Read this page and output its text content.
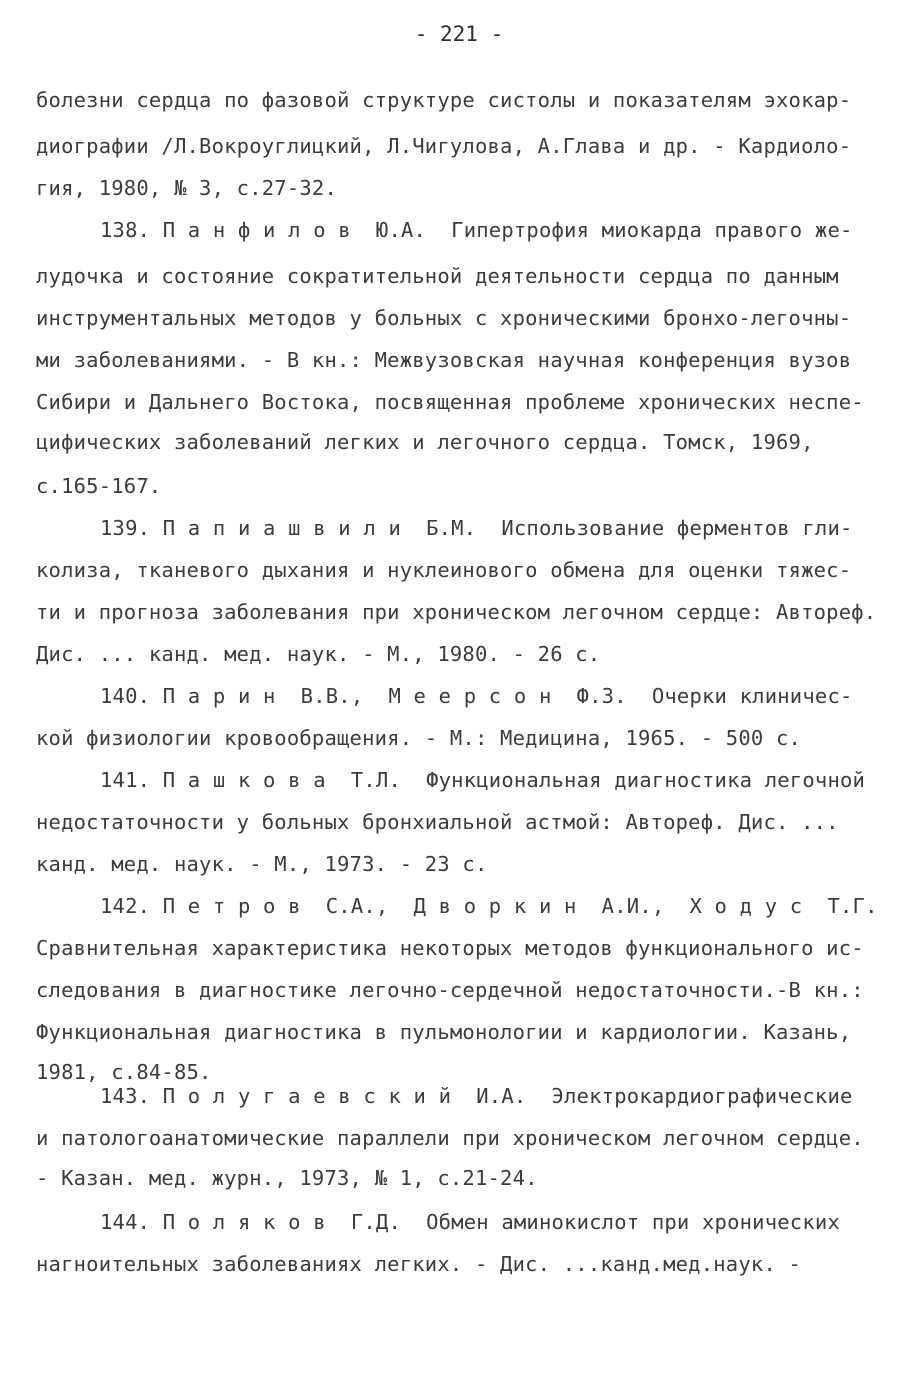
- 221 -
болезни сердца по фазовой структуре систолы и показателям эхокар-
диографии /Л.Вокроуглицкий, Л.Чигулова, А.Глава и др. - Кардиоло-
гия, 1980, № 3, с.27-32.
138. П а н ф и л о в  Ю.А.  Гипертрофия миокарда правого же-
лудочка и состояние сократительной деятельности сердца по данным
инструментальных методов у больных с хроническими бронхо-легочны-
ми заболеваниями. - В кн.: Межвузовская научная конференция вузов
Сибири и Дальнего Востока, посвященная проблеме хронических неспе-
цифических заболеваний легких и легочного сердца. Томск, 1969,
с.165-167.
139. П а п и а ш в и л и  Б.М.  Использование ферментов гли-
колиза, тканевого дыхания и нуклеинового обмена для оценки тяжес-
ти и прогноза заболевания при хроническом легочном сердце: Автореф.
Дис. ... канд. мед. наук. - М., 1980. - 26 с.
140. П а р и н  В.В.,  М е е р с о н  Ф.З.  Очерки клиничес-
кой физиологии кровообращения. - М.: Медицина, 1965. - 500 с.
141. П а ш к о в а  Т.Л.  Функциональная диагностика легочной
недостаточности у больных бронхиальной астмой: Автореф. Дис. ...
канд. мед. наук. - М., 1973. - 23 с.
142. П е т р о в  С.А.,  Д в о р к и н  А.И.,  Х о д у с  Т.Г.
Сравнительная характеристика некоторых методов функционального ис-
следования в диагностике легочно-сердечной недостаточности.-В кн.:
Функциональная диагностика в пульмонологии и кардиологии. Казань,
1981, с.84-85.
143. П о л у г а е в с к и й  И.А.  Электрокардиографические
и патологоанатомические параллели при хроническом легочном сердце.
- Казан. мед. журн., 1973, № 1, с.21-24.
144. П о л я к о в  Г.Д.  Обмен аминокислот при хронических
нагноительных заболеваниях легких. - Дис. ...канд.мед.наук. -
